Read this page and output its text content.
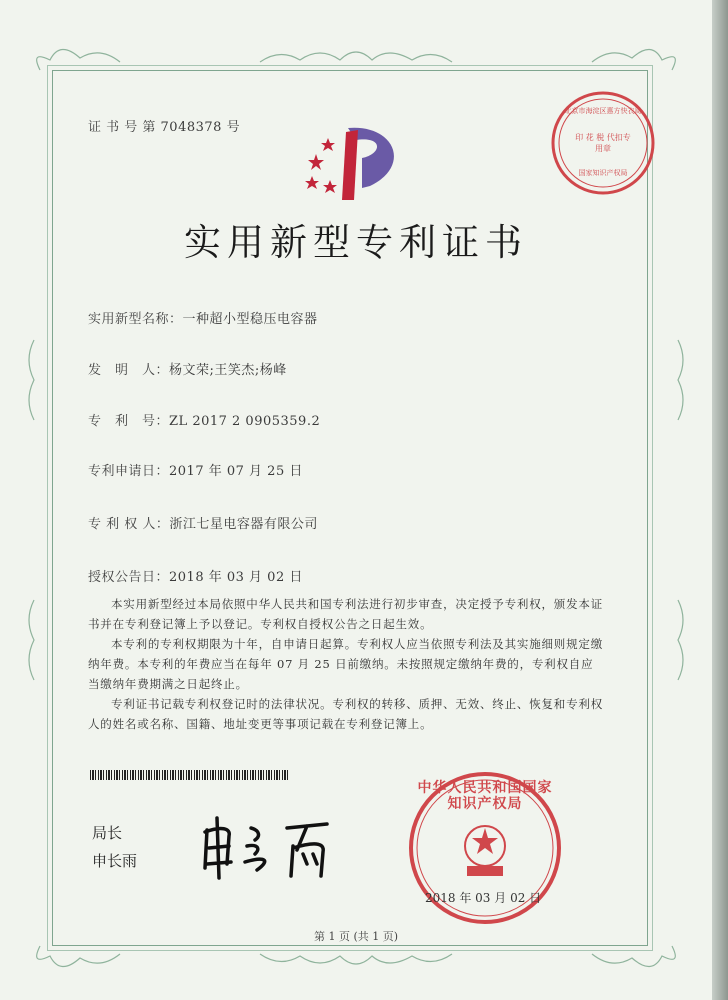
证 书 号 第 7048378 号
北京市海淀区惠方快衣局
印 花 税 代扣专用章
国家知识产权局
实用新型专利证书
实用新型名称：一种超小型稳压电容器
发　明　人：杨文荣;王笑杰;杨峰
专　利　号：ZL 2017 2 0905359.2
专利申请日：2017 年 07 月 25 日
专 利 权 人：浙江七星电容器有限公司
授权公告日：2018 年 03 月 02 日

本实用新型经过本局依照中华人民共和国专利法进行初步审查，决定授予专利权，颁发本证书并在专利登记簿上予以登记。专利权自授权公告之日起生效。

本专利的专利权期限为十年，自申请日起算。专利权人应当依照专利法及其实施细则规定缴纳年费。本专利的年费应当在每年 07 月 25 日前缴纳。未按照规定缴纳年费的，专利权自应当缴纳年费期满之日起终止。

专利证书记载专利权登记时的法律状况。专利权的转移、质押、无效、终止、恢复和专利权人的姓名或名称、国籍、地址变更等事项记载在专利登记簿上。

局长
申长雨
中华人民共和国国家知识产权局
2018 年 03 月 02 日
第 1 页 (共 1 页)
